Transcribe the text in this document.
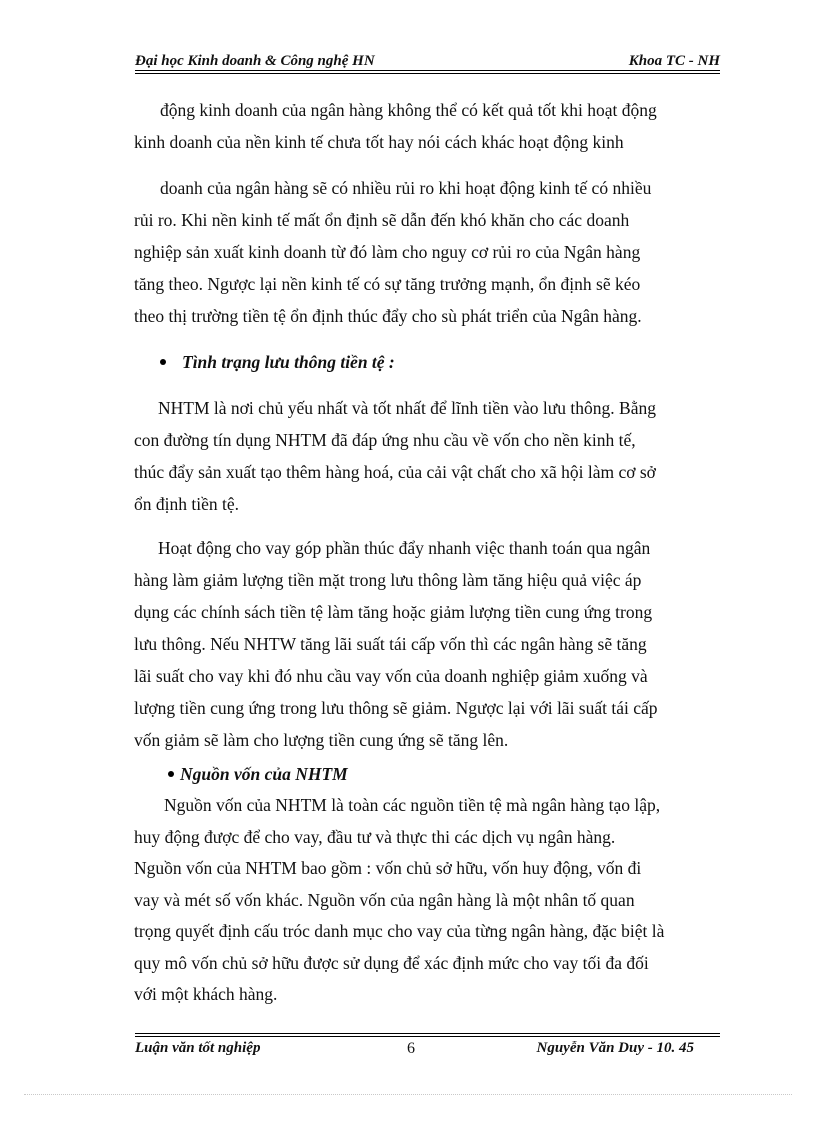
Đại học Kinh doanh & Công nghệ HN	Khoa TC - NH

động kinh doanh của ngân hàng không thể có kết quả tốt khi hoạt động
kinh doanh của nền kinh tế chưa tốt hay nói cách khác hoạt động kinh

doanh của ngân hàng sẽ có nhiều rủi ro khi hoạt động kinh tế có nhiều
rủi ro. Khi nền kinh tế mất ổn định sẽ dẫn đến khó khăn cho các doanh
nghiệp sản xuất kinh doanh từ đó làm cho nguy cơ rủi ro của Ngân hàng
tăng theo. Ngược lại nền kinh tế có sự tăng trưởng mạnh, ổn định sẽ kéo
theo thị trường tiền tệ ổn định thúc đẩy cho sù phát triển của Ngân hàng.

Tình trạng lưu thông tiền tệ :

NHTM là nơi chủ yếu nhất và tốt nhất để lĩnh tiền vào lưu thông. Bằng
con đường tín dụng NHTM đã đáp ứng nhu cầu về vốn cho nền kinh tế,
thúc đẩy sản xuất tạo thêm hàng hoá, của cải vật chất cho xã hội làm cơ sở
ổn định tiền tệ.

Hoạt động cho vay góp phần thúc đẩy nhanh việc thanh toán qua ngân
hàng làm giảm lượng tiền mặt trong lưu thông làm tăng hiệu quả việc áp
dụng các chính sách tiền tệ làm tăng hoặc giảm lượng tiền cung ứng trong
lưu thông. Nếu NHTW tăng lãi suất tái cấp vốn thì các ngân hàng sẽ tăng
lãi suất cho vay khi đó nhu cầu vay vốn của doanh nghiệp giảm xuống và
lượng tiền cung ứng trong lưu thông sẽ giảm. Ngược lại với lãi suất tái cấp
vốn giảm sẽ làm cho lượng tiền cung ứng sẽ tăng lên.

Nguồn vốn của NHTM

Nguồn vốn của NHTM là toàn các nguồn tiền tệ mà ngân hàng tạo lập,
huy động được để cho vay, đầu tư và thực thi các dịch vụ ngân hàng.
Nguồn vốn của NHTM bao gồm : vốn chủ sở hữu, vốn huy động, vốn đi
vay và mét số vốn khác. Nguồn vốn của ngân hàng là một nhân tố quan
trọng quyết định cấu tróc danh mục cho vay của từng ngân hàng, đặc biệt là
quy mô vốn chủ sở hữu được sử dụng để xác định mức cho vay tối đa đối
với một khách hàng.

Luận văn tốt nghiệp	6	Nguyễn Văn Duy - 10. 45
